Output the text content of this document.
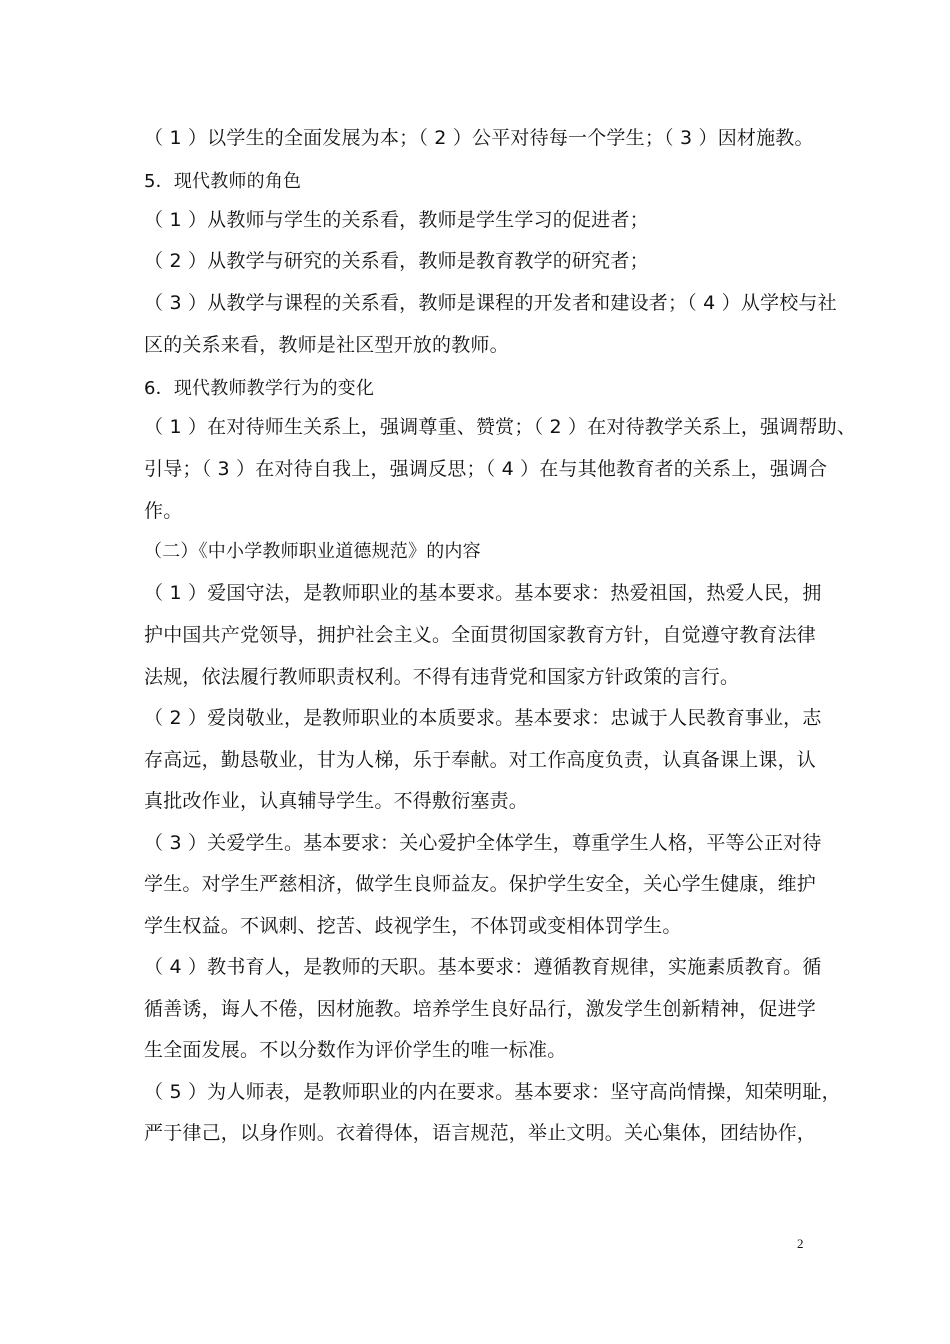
（ 1 ）以学生的全面发展为本；（ 2 ）公平对待每一个学生；（ 3 ）因材施教。
5．现代教师的角色
（ 1 ）从教师与学生的关系看，教师是学生学习的促进者；
（ 2 ）从教学与研究的关系看，教师是教育教学的研究者；
（ 3 ）从教学与课程的关系看，教师是课程的开发者和建设者；（ 4 ）从学校与社
区的关系来看，教师是社区型开放的教师。
6．现代教师教学行为的变化
（ 1 ）在对待师生关系上，强调尊重、赞赏；（ 2 ）在对待教学关系上，强调帮助、
引导；（ 3 ）在对待自我上，强调反思；（ 4 ）在与其他教育者的关系上，强调合
作。
（二）《中小学教师职业道德规范》的内容
（ 1 ）爱国守法，是教师职业的基本要求。基本要求：热爱祖国，热爱人民，拥
护中国共产党领导，拥护社会主义。全面贯彻国家教育方针，自觉遵守教育法律
法规，依法履行教师职责权利。不得有违背党和国家方针政策的言行。
（ 2 ）爱岗敬业，是教师职业的本质要求。基本要求：忠诚于人民教育事业，志
存高远，勤恳敬业，甘为人梯，乐于奉献。对工作高度负责，认真备课上课，认
真批改作业，认真辅导学生。不得敷衍塞责。
（ 3 ）关爱学生。基本要求：关心爱护全体学生，尊重学生人格，平等公正对待
学生。对学生严慈相济，做学生良师益友。保护学生安全，关心学生健康，维护
学生权益。不讽刺、挖苦、歧视学生，不体罚或变相体罚学生。
（ 4 ）教书育人，是教师的天职。基本要求：遵循教育规律，实施素质教育。循
循善诱，诲人不倦，因材施教。培养学生良好品行，激发学生创新精神，促进学
生全面发展。不以分数作为评价学生的唯一标准。
（ 5 ）为人师表，是教师职业的内在要求。基本要求：坚守高尚情操，知荣明耻，
严于律己，以身作则。衣着得体，语言规范，举止文明。关心集体，团结协作，
2
